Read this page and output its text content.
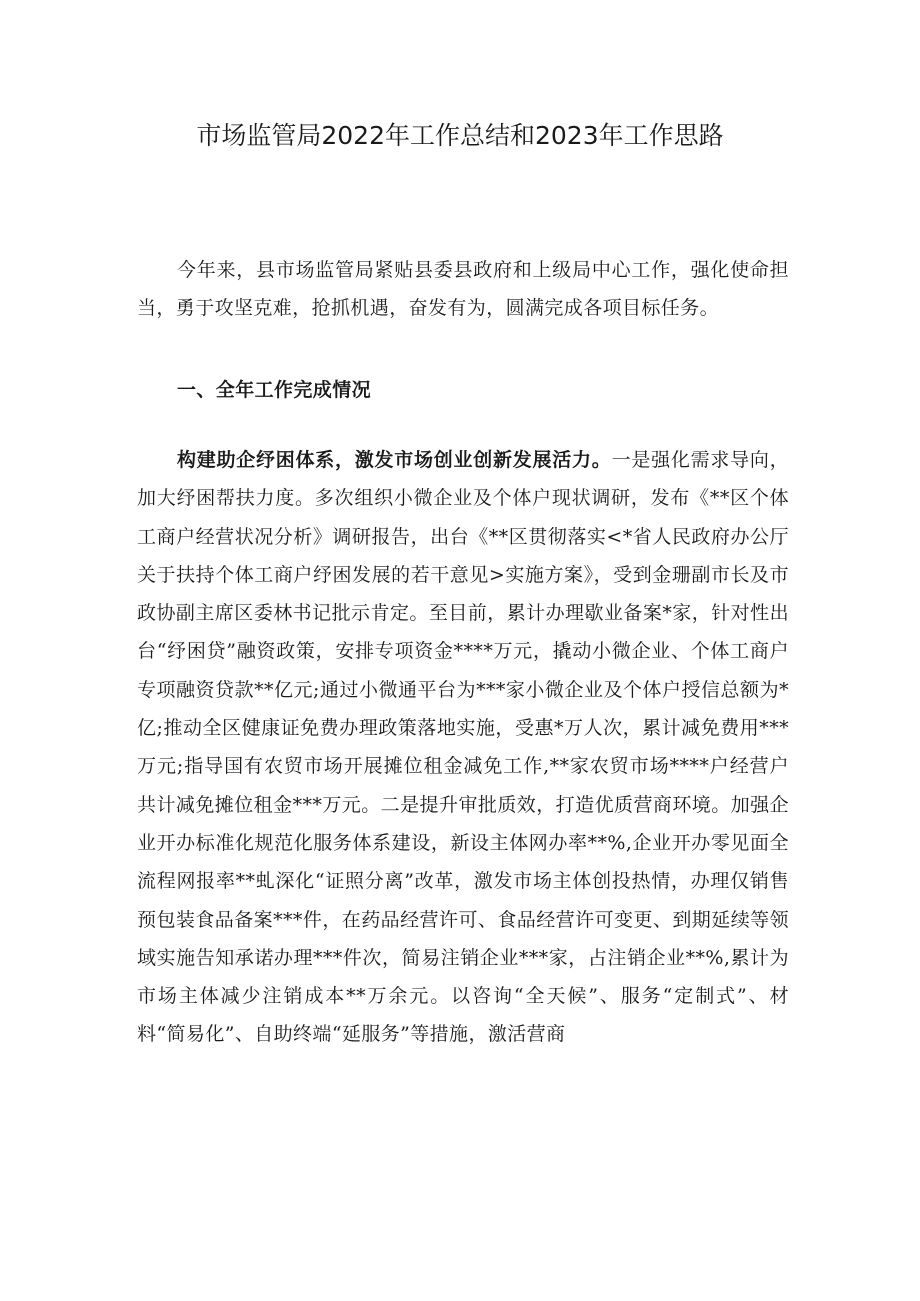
市场监管局2022年工作总结和2023年工作思路

今年来，县市场监管局紧贴县委县政府和上级局中心工作，强化使命担当，勇于攻坚克难，抢抓机遇，奋发有为，圆满完成各项目标任务。

一、全年工作完成情况

构建助企纾困体系，激发市场创业创新发展活力。一是强化需求导向，加大纾困帮扶力度。多次组织小微企业及个体户现状调研，发布《**区个体工商户经营状况分析》调研报告，出台《**区贯彻落实<*省人民政府办公厅关于扶持个体工商户纾困发展的若干意见>实施方案》，受到金珊副市长及市政协副主席区委林书记批示肯定。至目前，累计办理歇业备案*家，针对性出台“纾困贷”融资政策，安排专项资金****万元，撬动小微企业、个体工商户专项融资贷款**亿元;通过小微通平台为***家小微企业及个体户授信总额为*亿;推动全区健康证免费办理政策落地实施，受惠*万人次，累计减免费用***万元;指导国有农贸市场开展摊位租金减免工作,**家农贸市场****户经营户共计减免摊位租金***万元。二是提升审批质效，打造优质营商环境。加强企业开办标准化规范化服务体系建设，新设主体网办率**%,企业开办零见面全流程网报率**虬深化“证照分离”改革，激发市场主体创投热情，办理仅销售预包装食品备案***件，在药品经营许可、食品经营许可变更、到期延续等领域实施告知承诺办理***件次，简易注销企业***家，占注销企业**%,累计为市场主体减少注销成本**万余元。以咨询“全天候”、服务“定制式”、材料“简易化”、自助终端“延服务”等措施，激活营商
